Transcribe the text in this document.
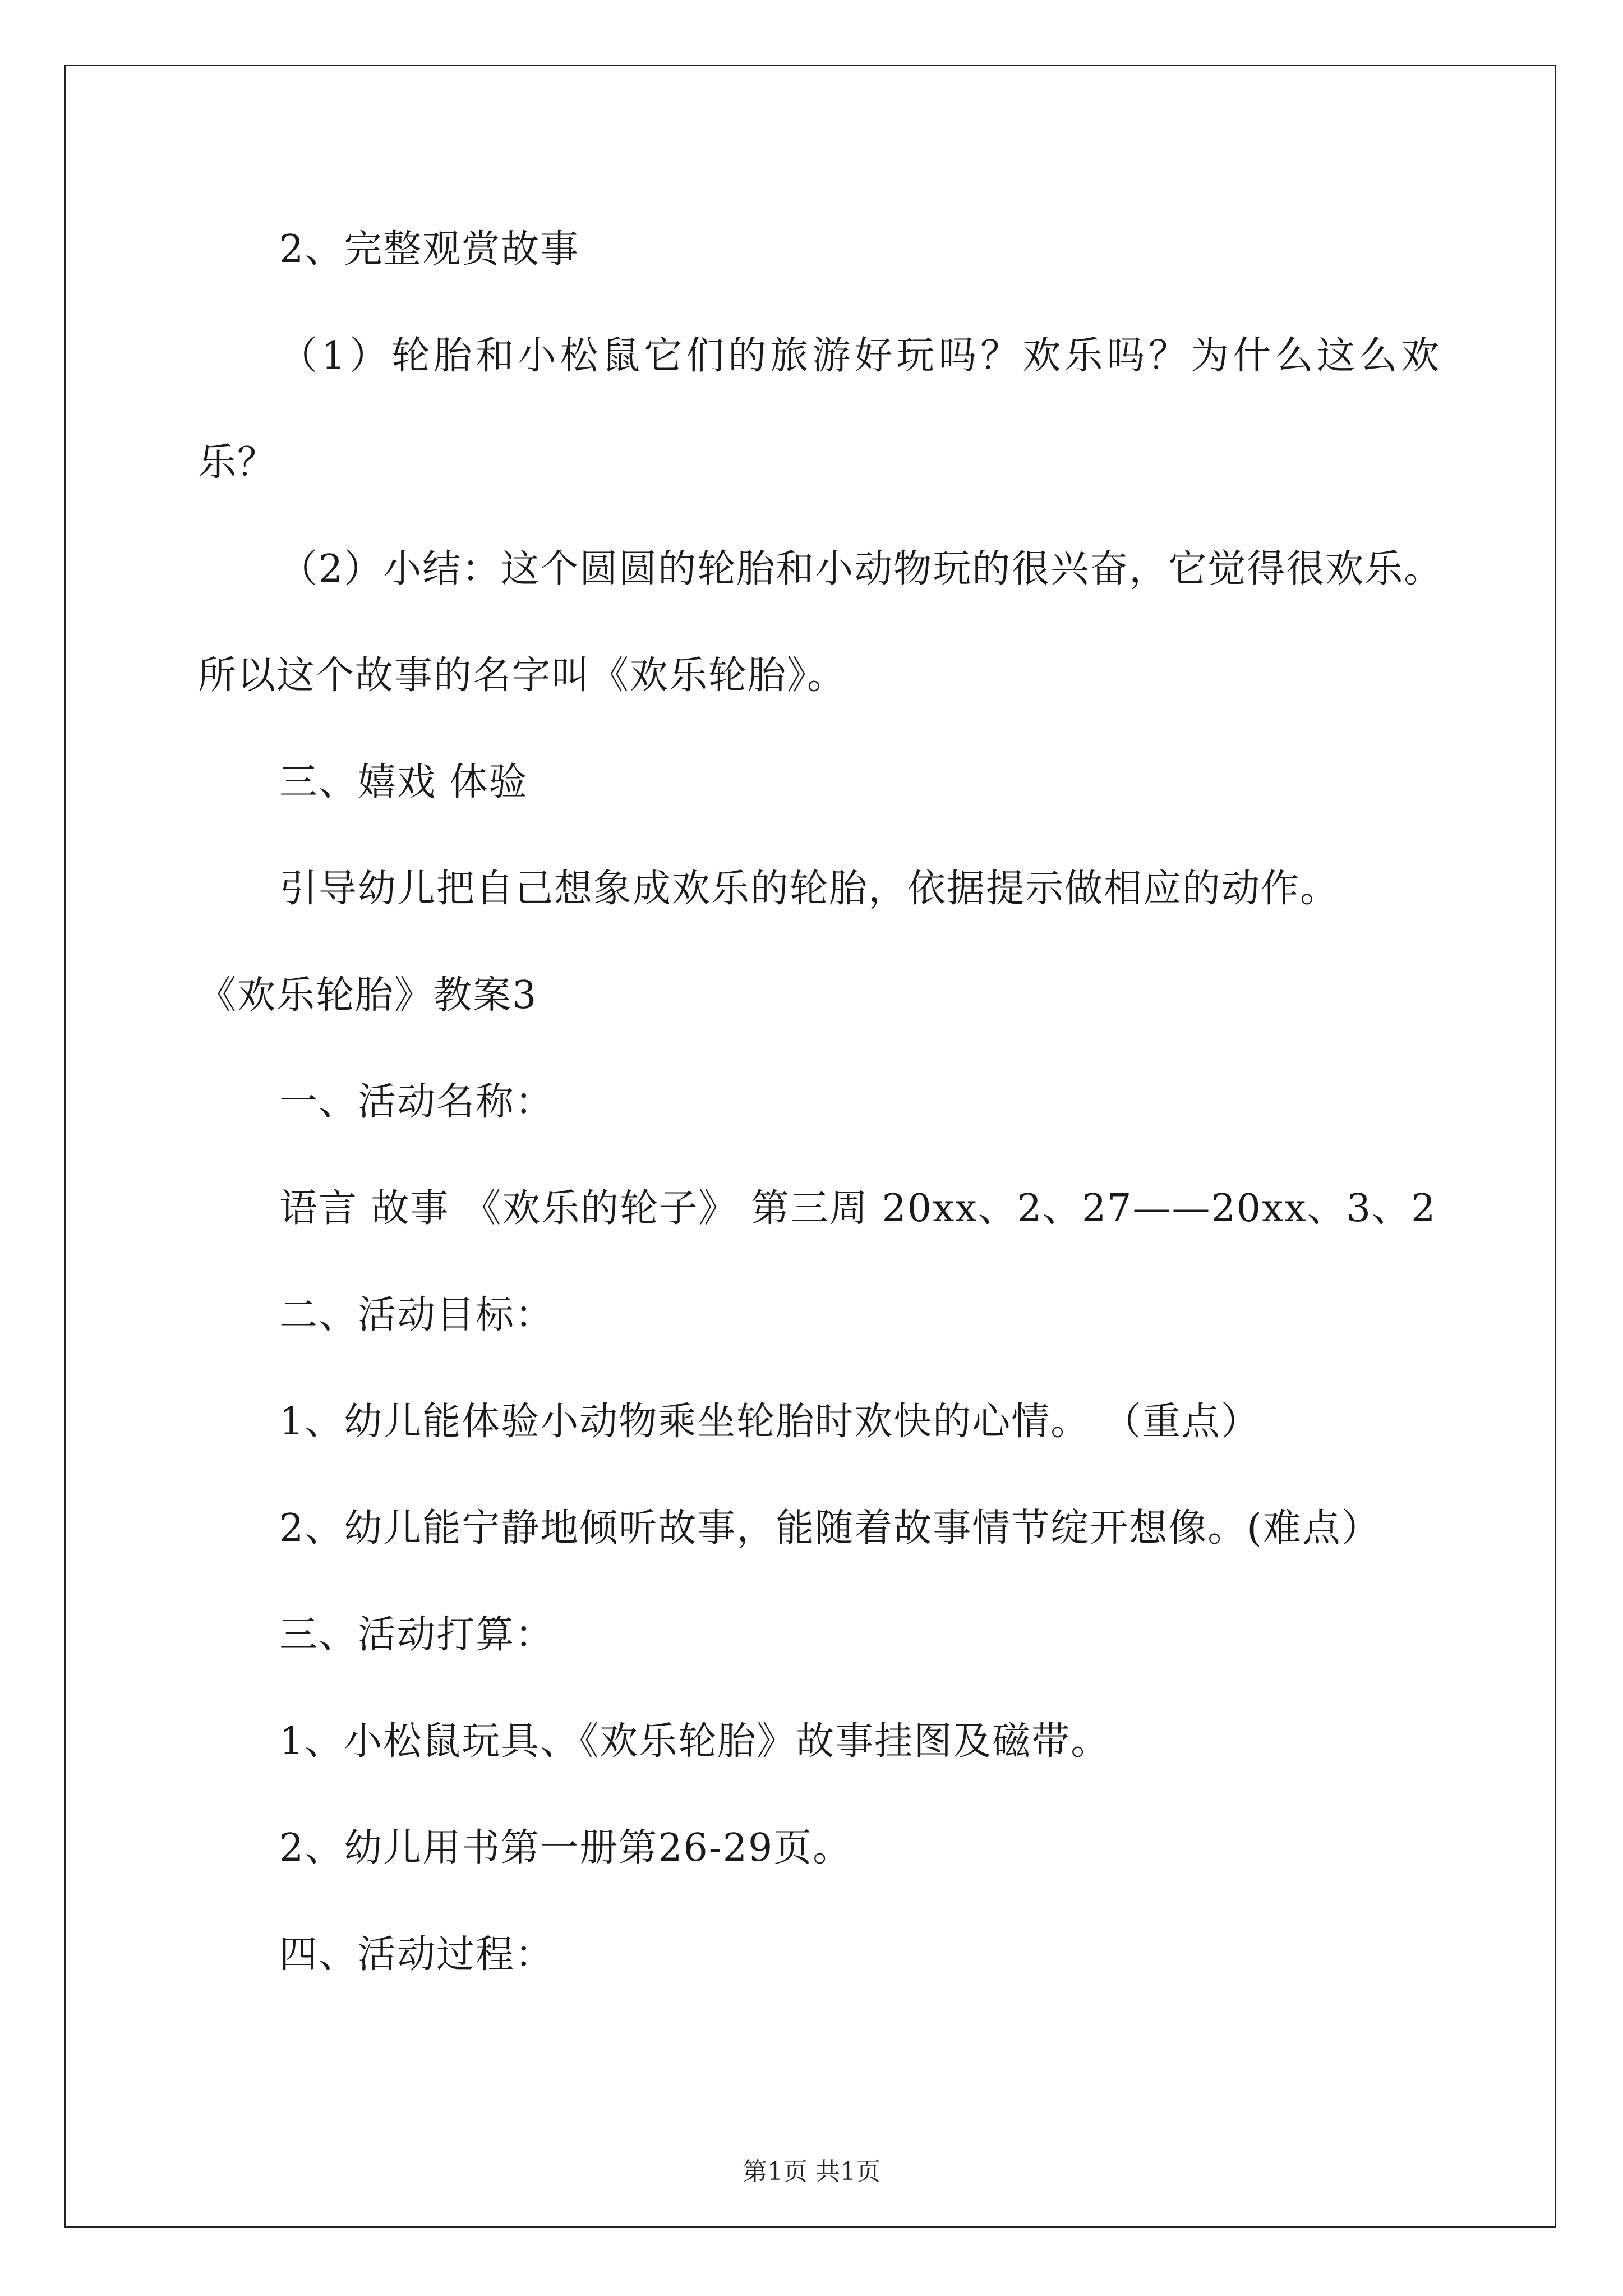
2、完整观赏故事
（1）轮胎和小松鼠它们的旅游好玩吗？欢乐吗？为什么这么欢
乐？
（2）小结：这个圆圆的轮胎和小动物玩的很兴奋，它觉得很欢乐。
所以这个故事的名字叫《欢乐轮胎》。
三、嬉戏 体验
引导幼儿把自己想象成欢乐的轮胎，依据提示做相应的动作。
《欢乐轮胎》教案3
一、活动名称：
语言 故事 《欢乐的轮子》 第三周 20xx、2、27——20xx、3、2
二、活动目标：
1、幼儿能体验小动物乘坐轮胎时欢快的心情。 （重点）
2、幼儿能宁静地倾听故事，能随着故事情节绽开想像。(难点）
三、活动打算：
1、小松鼠玩具、《欢乐轮胎》故事挂图及磁带。
2、幼儿用书第一册第26-29页。
四、活动过程：
第1页 共1页
